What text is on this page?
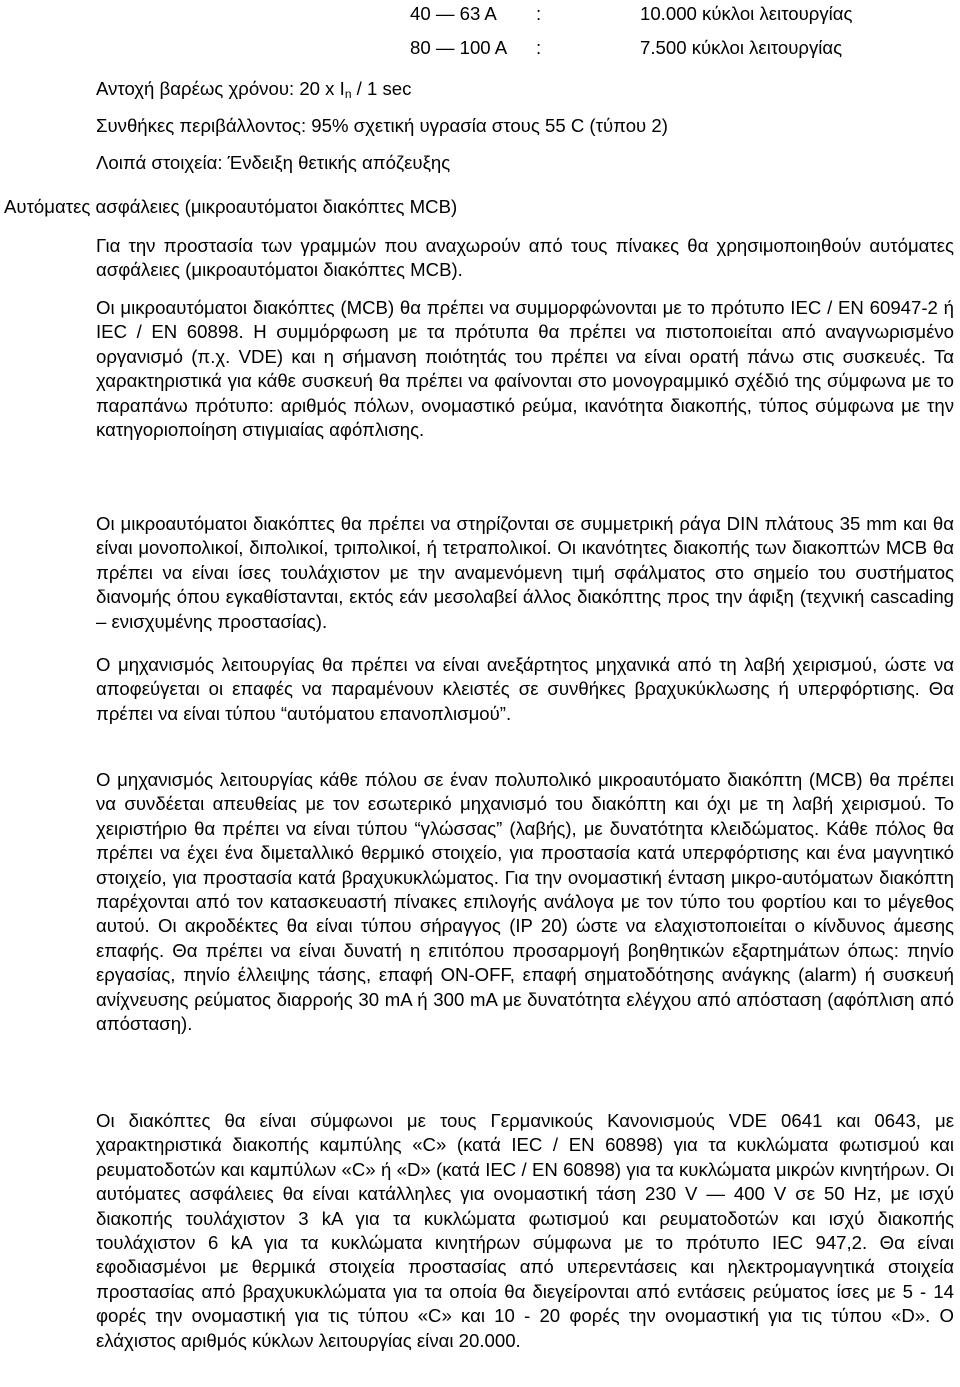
40 — 63 A :	10.000 κύκλοι λειτουργίας
80 — 100 A :	7.500 κύκλοι λειτουργίας
Αντοχή βαρέως χρόνου: 20 x $I_n / 1$ sec
Συνθήκες περιβάλλοντος: 95% σχετική υγρασία στους 55 C (τύπου 2)
Λοιπά στοιχεία: Ένδειξη θετικής απόζευξης
Αυτόματες ασφάλειες (μικροαυτόματοι διακόπτες MCB)

Για την προστασία των γραμμών που αναχωρούν από τους πίνακες θα χρησιμοποιηθούν αυτόματες ασφάλειες (μικροαυτόματοι διακόπτες MCB).

Οι μικροαυτόματοι διακόπτες (MCB) θα πρέπει να συμμορφώνονται με το πρότυπο IEC / EN 60947-2 ή IEC / EN 60898. Η συμμόρφωση με τα πρότυπα θα πρέπει να πιστοποιείται από αναγνωρισμένο οργανισμό (π.χ. VDE) και η σήμανση ποιότητάς του πρέπει να είναι ορατή πάνω στις συσκευές. Τα χαρακτηριστικά για κάθε συσκευή θα πρέπει να φαίνονται στο μονογραμμικό σχέδιό της σύμφωνα με το παραπάνω πρότυπο: αριθμός πόλων, ονομαστικό ρεύμα, ικανότητα διακοπής, τύπος σύμφωνα με την κατηγοριοποίηση στιγμιαίας αφόπλισης.

Οι μικροαυτόματοι διακόπτες θα πρέπει να στηρίζονται σε συμμετρική ράγα DIN πλάτους 35 mm και θα είναι μονοπολικοί, διπολικοί, τριπολικοί, ή τετραπολικοί. Οι ικανότητες διακοπής των διακοπτών MCB θα πρέπει να είναι ίσες τουλάχιστον με την αναμενόμενη τιμή σφάλματος στο σημείο του συστήματος διανομής όπου εγκαθίστανται, εκτός εάν μεσολαβεί άλλος διακόπτης προς την άφιξη (τεχνική cascading – ενισχυμένης προστασίας).

Ο μηχανισμός λειτουργίας θα πρέπει να είναι ανεξάρτητος μηχανικά από τη λαβή χειρισμού, ώστε να αποφεύγεται οι επαφές να παραμένουν κλειστές σε συνθήκες βραχυκύκλωσης ή υπερφόρτισης. Θα πρέπει να είναι τύπου “αυτόματου επανοπλισμού”.

Ο μηχανισμός λειτουργίας κάθε πόλου σε έναν πολυπολικό μικροαυτόματο διακόπτη (MCB) θα πρέπει να συνδέεται απευθείας με τον εσωτερικό μηχανισμό του διακόπτη και όχι με τη λαβή χειρισμού. Το χειριστήριο θα πρέπει να είναι τύπου “γλώσσας” (λαβής), με δυνατότητα κλειδώματος. Κάθε πόλος θα πρέπει να έχει ένα διμεταλλικό θερμικό στοιχείο, για προστασία κατά υπερφόρτισης και ένα μαγνητικό στοιχείο, για προστασία κατά βραχυκυκλώματος. Για την ονομαστική ένταση μικρο-αυτόματων διακόπτη παρέχονται από τον κατασκευαστή πίνακες επιλογής ανάλογα με τον τύπο του φορτίου και το μέγεθος αυτού. Οι ακροδέκτες θα είναι τύπου σήραγγος (IP 20) ώστε να ελαχιστοποιείται ο κίνδυνος άμεσης επαφής. Θα πρέπει να είναι δυνατή η επιτόπου προσαρμογή βοηθητικών εξαρτημάτων όπως: πηνίο εργασίας, πηνίο έλλειψης τάσης, επαφή ON-OFF, επαφή σηματοδότησης ανάγκης (alarm) ή συσκευή ανίχνευσης ρεύματος διαρροής 30 mA ή 300 mA με δυνατότητα ελέγχου από απόσταση (αφόπλιση από απόσταση).

Οι διακόπτες θα είναι σύμφωνοι με τους Γερμανικούς Κανονισμούς VDE 0641 και 0643, με χαρακτηριστικά διακοπής καμπύλης «C» (κατά IEC / EN 60898) για τα κυκλώματα φωτισμού και ρευματοδοτών και καμπύλων «C» ή «D» (κατά IEC / EN 60898) για τα κυκλώματα μικρών κινητήρων. Οι αυτόματες ασφάλειες θα είναι κατάλληλες για ονομαστική τάση 230 V — 400 V σε 50 Hz, με ισχύ διακοπής τουλάχιστον 3 kA για τα κυκλώματα φωτισμού και ρευματοδοτών και ισχύ διακοπής τουλάχιστον 6 kA για τα κυκλώματα κινητήρων σύμφωνα με το πρότυπο IEC 947,2. Θα είναι εφοδιασμένοι με θερμικά στοιχεία προστασίας από υπερεντάσεις και ηλεκτρομαγνητικά στοιχεία προστασίας από βραχυκυκλώματα για τα οποία θα διεγείρονται από εντάσεις ρεύματος ίσες με 5 - 14 φορές την ονομαστική για τις τύπου «C» και 10 - 20 φορές την ονομαστική για τις τύπου «D». Ο ελάχιστος αριθμός κύκλων λειτουργίας είναι 20.000.
